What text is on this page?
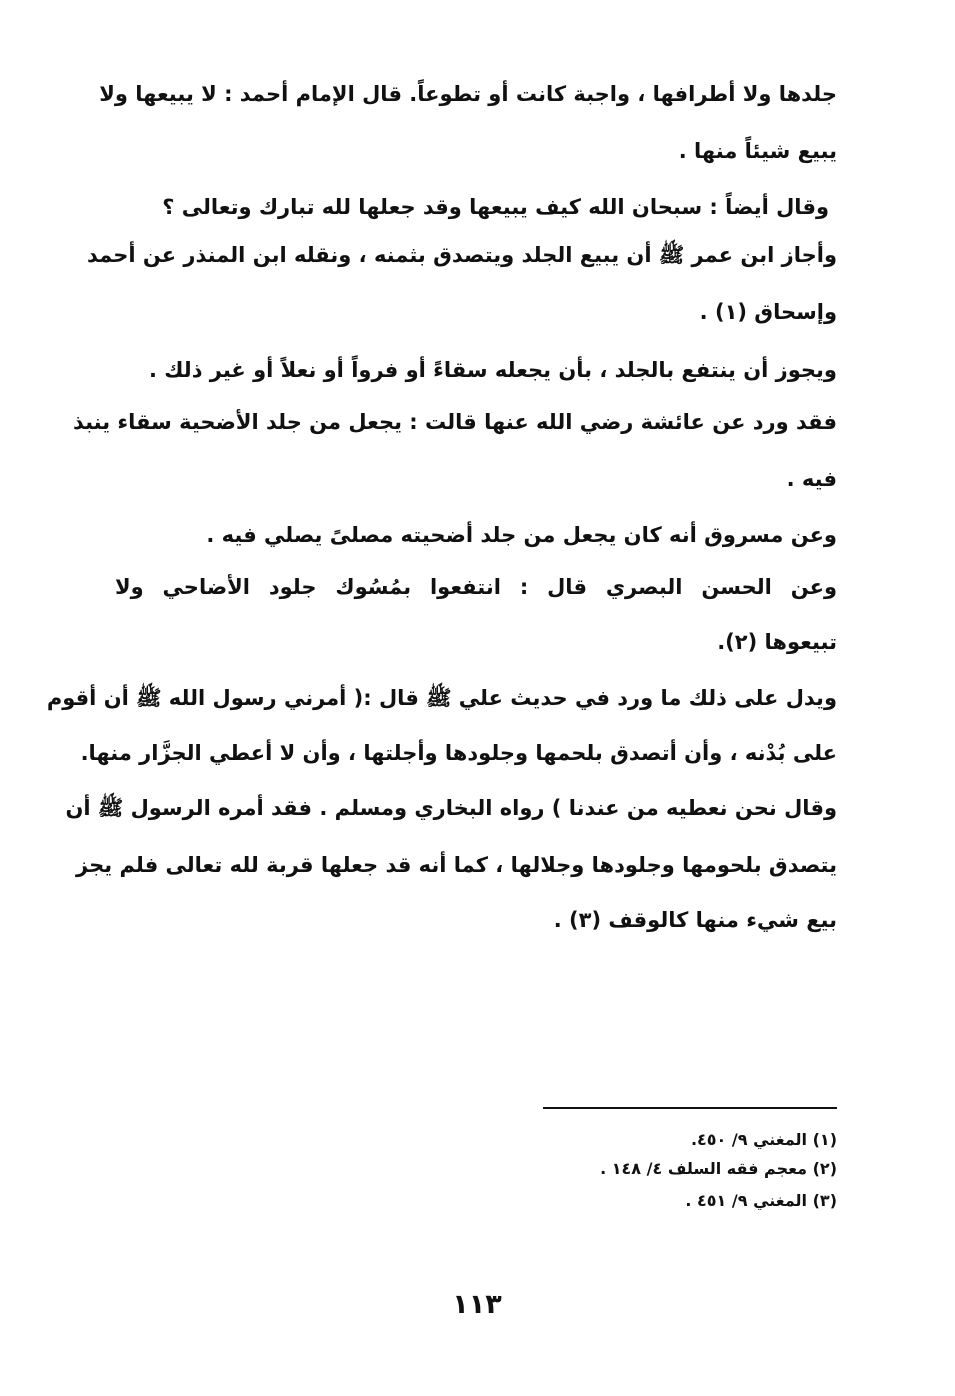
جلدها ولا أطرافها ، واجبة كانت أو تطوعاً. قال الإمام أحمد : لا يبيعها ولا
يبيع شيئاً منها .
وقال أيضاً : سبحان الله كيف يبيعها وقد جعلها لله تبارك وتعالى ؟
وأجاز ابن عمر ﷺ أن يبيع الجلد ويتصدق بثمنه ، ونقله ابن المنذر عن أحمد
وإسحاق (١) .
ويجوز أن ينتفع بالجلد ، بأن يجعله سقاءً أو فرواً أو نعلاً أو غير ذلك .
فقد ورد عن عائشة رضي الله عنها قالت : يجعل من جلد الأضحية سقاء ينبذ
فيه .
وعن مسروق أنه كان يجعل من جلد أضحيته مصلىً يصلي فيه .
وعن الحسن البصري قال : انتفعوا بمُسُوك جلود الأضاحي ولا
تبيعوها (٢).
ويدل على ذلك ما ورد في حديث علي ﷺ قال :( أمرني رسول الله ﷺ أن أقوم
على بُدْنه ، وأن أتصدق بلحمها وجلودها وأجلتها ، وأن لا أعطي الجزَّار منها.
وقال نحن نعطيه من عندنا ) رواه البخاري ومسلم . فقد أمره الرسول ﷺ أن
يتصدق بلحومها وجلودها وجلالها ، كما أنه قد جعلها قربة لله تعالى فلم يجز
بيع شيء منها كالوقف (٣) .
(١) المغني ٩/ ٤٥٠.
(٢) معجم فقه السلف ٤/ ١٤٨ .
(٣) المغني ٩/ ٤٥١ .
١١٣
